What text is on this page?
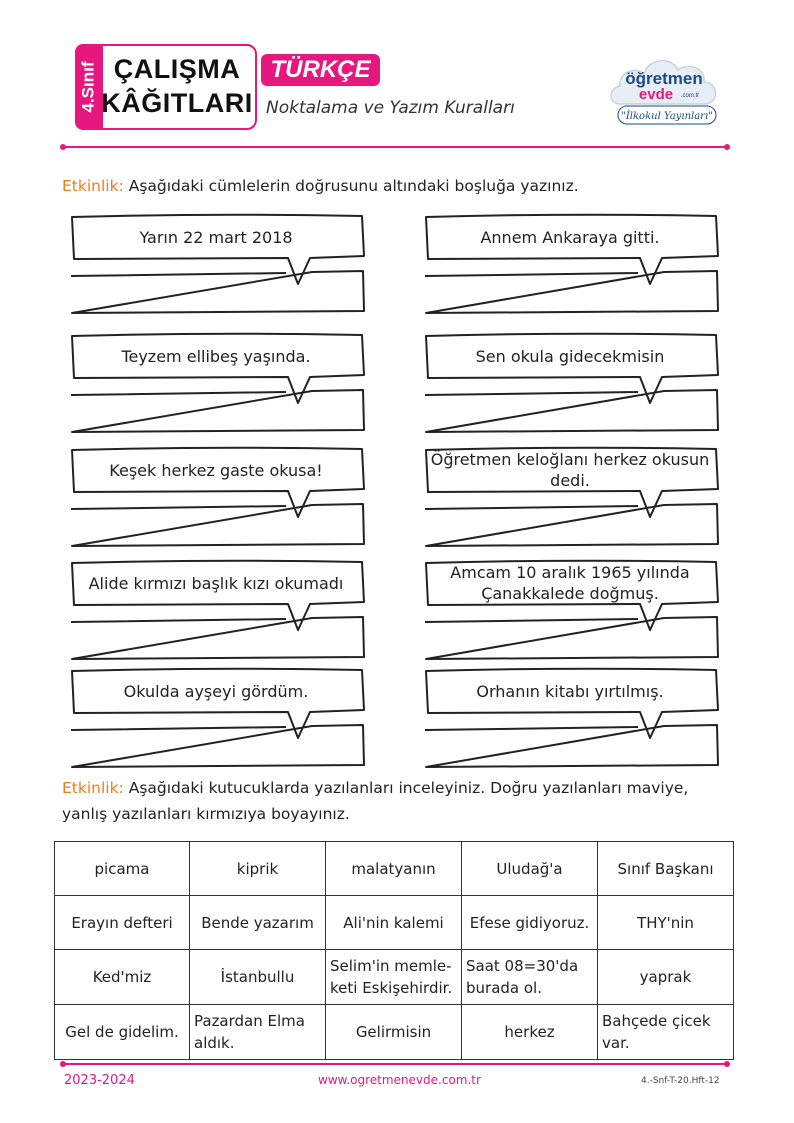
4.Sınıf ÇALIŞMA
KÂĞITLARI
TÜRKÇE
Noktalama ve Yazım Kuralları
öğretmen
evde .com.tr
"İlkokul Yayınları"
Etkinlik: Aşağıdaki cümlelerin doğrusunu altındaki boşluğa yazınız.
Yarın 22 mart 2018
Teyzem ellibeş yaşında.
Keşek herkez gaste okusa!
Alide kırmızı başlık kızı okumadı
Okulda ayşeyi gördüm.
Annem Ankaraya gitti.
Sen okula gidecekmisin
Öğretmen keloğlanı herkez okusun dedi.
Amcam 10 aralık 1965 yılında Çanakkalede doğmuş.
Orhanın kitabı yırtılmış.
Etkinlik: Aşağıdaki kutucuklarda yazılanları inceleyiniz. Doğru yazılanları maviye, yanlış yazılanları kırmızıya boyayınız.
picama	kiprik	malatyanın	Uludağ'a	Sınıf Başkanı
Erayın defteri	Bende yazarım	Ali'nin kalemi	Efese gidiyoruz.	THY'nin
Ked'miz	İstanbullu	Selim'in memle-keti Eskişehirdir.	Saat 08=30'da burada ol.	yaprak
Gel de gidelim.	Pazardan Elma aldık.	Gelirmisin	herkez	Bahçede çicek var.
2023-2024	www.ogretmenevde.com.tr	4.-Snf-T-20.Hft-12
